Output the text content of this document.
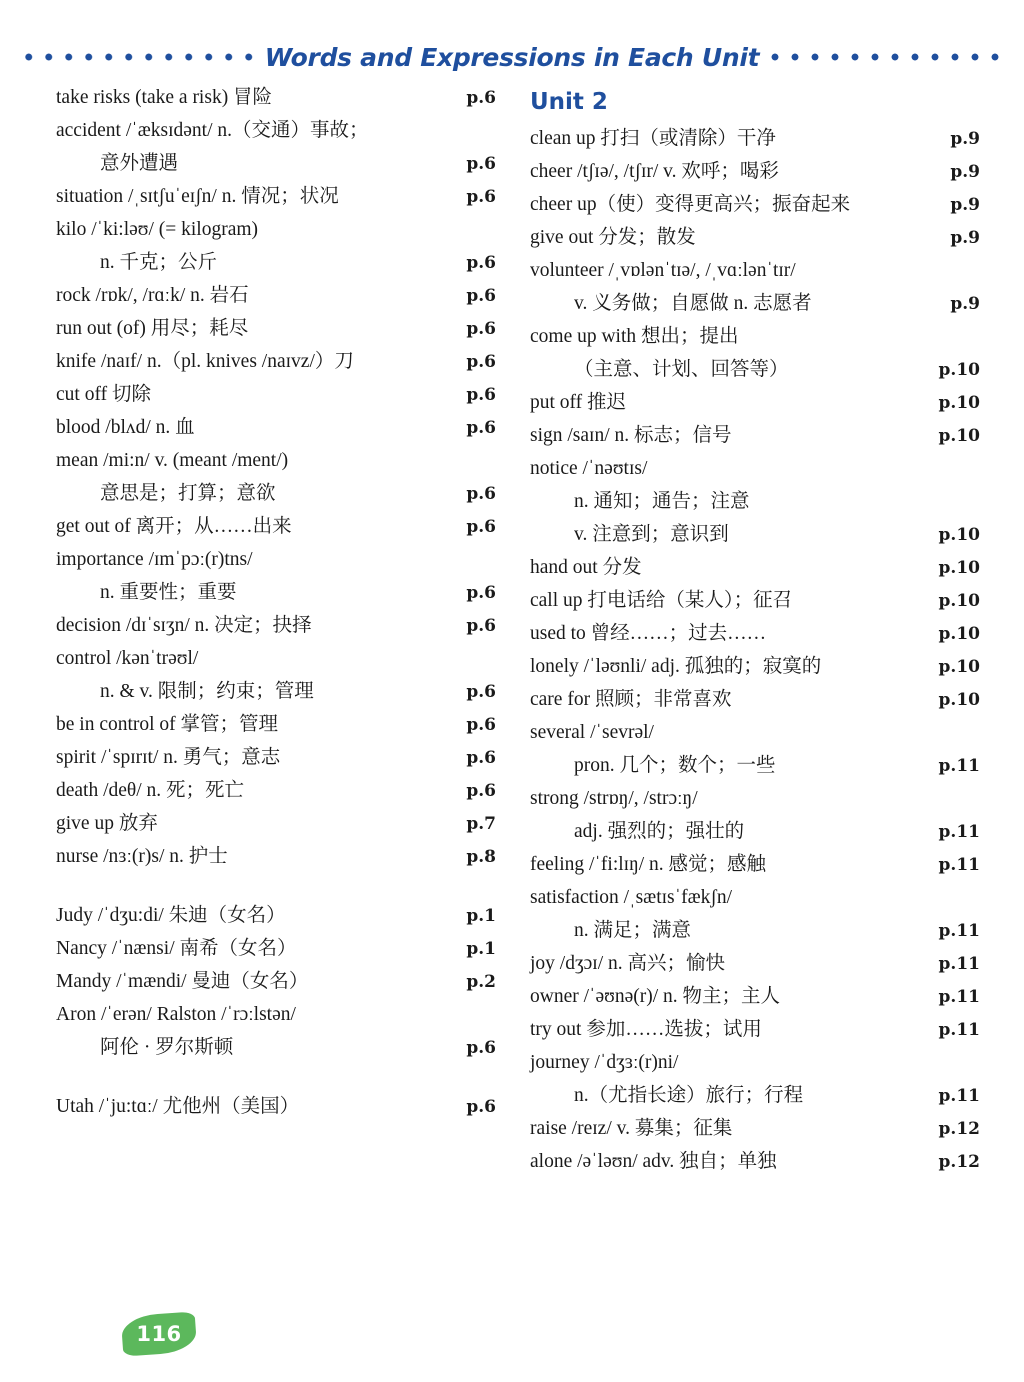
Words and Expressions in Each Unit
take risks (take a risk) 冒险	p.6
accident /ˈæksɪdənt/ n.（交通）事故；
意外遭遇	p.6
situation /ˌsɪtʃuˈeɪʃn/ n. 情况；状况	p.6
kilo /ˈki:ləʊ/ (= kilogram)
n. 千克；公斤	p.6
rock /rɒk/, /rɑːk/ n. 岩石	p.6
run out (of) 用尽；耗尽	p.6
knife /naɪf/ n.（pl. knives /naɪvz/）刀	p.6
cut off 切除	p.6
blood /blʌd/ n. 血	p.6
mean /mi:n/ v. (meant /ment/)
意思是；打算；意欲	p.6
get out of 离开；从……出来	p.6
importance /ɪmˈpɔː(r)tns/
n. 重要性；重要	p.6
decision /dɪˈsɪʒn/ n. 决定；抉择	p.6
control /kənˈtrəʊl/
n. & v. 限制；约束；管理	p.6
be in control of 掌管；管理	p.6
spirit /ˈspɪrɪt/ n. 勇气；意志	p.6
death /deθ/ n. 死；死亡	p.6
give up 放弃	p.7
nurse /nɜː(r)s/ n. 护士	p.8
Judy /ˈdʒu:di/ 朱迪（女名）	p.1
Nancy /ˈnænsi/ 南希（女名）	p.1
Mandy /ˈmændi/ 曼迪（女名）	p.2
Aron /ˈerən/ Ralston /ˈrɔːlstən/
阿伦 · 罗尔斯顿	p.6
Utah /ˈju:tɑː/ 尤他州（美国）	p.6
Unit 2
clean up 打扫（或清除）干净	p.9
cheer /tʃɪə/, /tʃɪr/ v. 欢呼；喝彩	p.9
cheer up（使）变得更高兴；振奋起来	p.9
give out 分发；散发	p.9
volunteer /ˌvɒlənˈtɪə/, /ˌvɑːlənˈtɪr/
v. 义务做；自愿做 n. 志愿者	p.9
come up with 想出；提出
（主意、计划、回答等）	p.10
put off 推迟	p.10
sign /saɪn/ n. 标志；信号	p.10
notice /ˈnəʊtɪs/
n. 通知；通告；注意
v. 注意到；意识到	p.10
hand out 分发	p.10
call up 打电话给（某人）；征召	p.10
used to 曾经……；过去……	p.10
lonely /ˈləʊnli/ adj. 孤独的；寂寞的	p.10
care for 照顾；非常喜欢	p.10
several /ˈsevrəl/
pron. 几个；数个；一些	p.11
strong /strɒŋ/, /strɔːŋ/
adj. 强烈的；强壮的	p.11
feeling /ˈfi:lɪŋ/ n. 感觉；感触	p.11
satisfaction /ˌsætɪsˈfækʃn/
n. 满足；满意	p.11
joy /dʒɔɪ/ n. 高兴；愉快	p.11
owner /ˈəʊnə(r)/ n. 物主；主人	p.11
try out 参加……选拔；试用	p.11
journey /ˈdʒɜː(r)ni/
n.（尤指长途）旅行；行程	p.11
raise /reɪz/ v. 募集；征集	p.12
alone /əˈləʊn/ adv. 独自；单独	p.12
116
